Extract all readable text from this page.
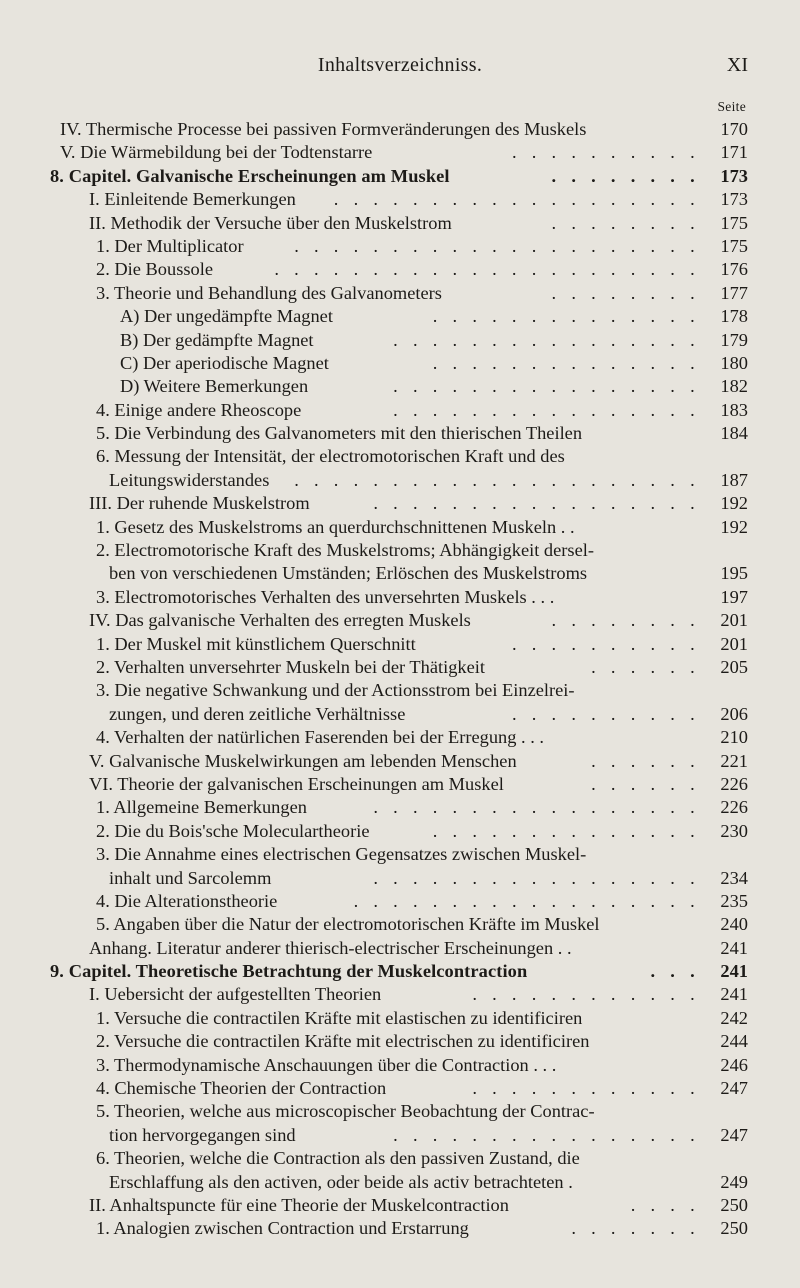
Inhaltsverzeichniss.	XI
Seite
IV. Thermische Processe bei passiven Formveränderungen des Muskels	170
V. Die Wärmebildung bei der Todtenstarre	. . . . . . . . . . 171
8. Capitel. Galvanische Erscheinungen am Muskel	. . . . . . . . 173
I. Einleitende Bemerkungen . . . . . . . . . . . . . . . . . . . 173
II. Methodik der Versuche über den Muskelstrom	. . . . . . . . 175
1. Der Multiplicator	. . . . . . . . . . . . . . . . . . . . . 175
2. Die Boussole	. . . . . . . . . . . . . . . . . . . . . . 176
3. Theorie und Behandlung des Galvanometers	. . . . . . . . 177
A) Der ungedämpfte Magnet	. . . . . . . . . . . . . . 178
B) Der gedämpfte Magnet	. . . . . . . . . . . . . . . . 179
C) Der aperiodische Magnet	. . . . . . . . . . . . . . 180
D) Weitere Bemerkungen	. . . . . . . . . . . . . . . . 182
4. Einige andere Rheoscope	. . . . . . . . . . . . . . . . 183
5. Die Verbindung des Galvanometers mit den thierischen Theilen	184
6. Messung der Intensität, der electromotorischen Kraft und des
Leitungswiderstandes . . . . . . . . . . . . . . . . . . . . . 187
III. Der ruhende Muskelstrom	. . . . . . . . . . . . . . . . . 192
1. Gesetz des Muskelstroms an querdurchschnittenen Muskeln . .	192
2. Electromotorische Kraft des Muskelstroms; Abhängigkeit dersel-
ben von verschiedenen Umständen; Erlöschen des Muskelstroms	195
3. Electromotorisches Verhalten des unversehrten Muskels . . .	197
IV. Das galvanische Verhalten des erregten Muskels	. . . . . . . . 201
1. Der Muskel mit künstlichem Querschnitt	. . . . . . . . . . 201
2. Verhalten unversehrter Muskeln bei der Thätigkeit	. . . . . . 205
3. Die negative Schwankung und der Actionsstrom bei Einzelrei-
zungen, und deren zeitliche Verhältnisse	. . . . . . . . . . 206
4. Verhalten der natürlichen Faserenden bei der Erregung . . .	210
V. Galvanische Muskelwirkungen am lebenden Menschen	. . . . . . 221
VI. Theorie der galvanischen Erscheinungen am Muskel	. . . . . . 226
1. Allgemeine Bemerkungen	. . . . . . . . . . . . . . . . . 226
2. Die du Bois'sche Moleculartheorie	. . . . . . . . . . . . . . 230
3. Die Annahme eines electrischen Gegensatzes zwischen Muskel-
inhalt und Sarcolemm	. . . . . . . . . . . . . . . . . 234
4. Die Alterationstheorie	. . . . . . . . . . . . . . . . . . 235
5. Angaben über die Natur der electromotorischen Kräfte im Muskel	240
Anhang. Literatur anderer thierisch-electrischer Erscheinungen . .	241
9. Capitel. Theoretische Betrachtung der Muskelcontraction	. . . 241
I. Uebersicht der aufgestellten Theorien	. . . . . . . . . . . . 241
1. Versuche die contractilen Kräfte mit elastischen zu identificiren	242
2. Versuche die contractilen Kräfte mit electrischen zu identificiren	244
3. Thermodynamische Anschauungen über die Contraction . . .	246
4. Chemische Theorien der Contraction	. . . . . . . . . . . . 247
5. Theorien, welche aus microscopischer Beobachtung der Contrac-
tion hervorgegangen sind	. . . . . . . . . . . . . . . . 247
6. Theorien, welche die Contraction als den passiven Zustand, die
Erschlaffung als den activen, oder beide als activ betrachteten .	249
II. Anhaltspuncte für eine Theorie der Muskelcontraction	. . . . 250
1. Analogien zwischen Contraction und Erstarrung	. . . . . . . 250
